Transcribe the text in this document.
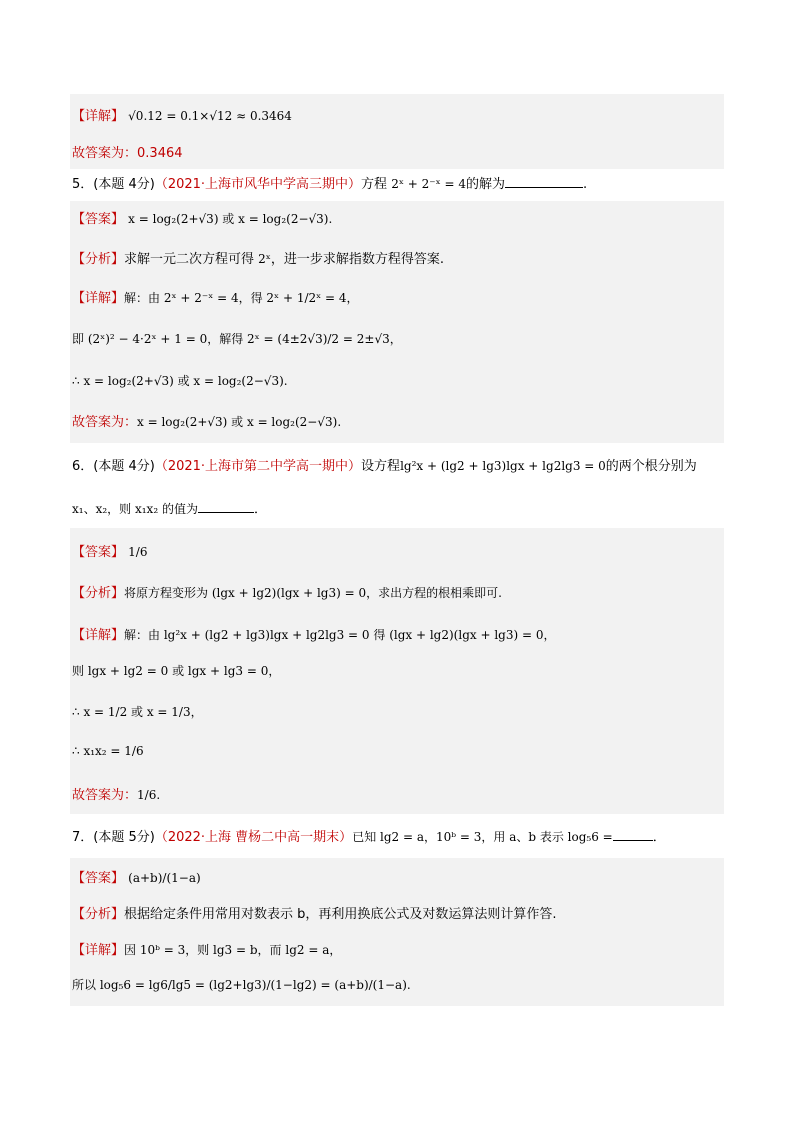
【详解】 √0.12 = 0.1×√12 ≈ 0.3464
故答案为：0.3464
5．(本题 4分)（2021·上海市风华中学高三期中）方程 2ˣ + 2⁻ˣ = 4的解为	.
【答案】 x = log₂(2+√3) 或 x = log₂(2−√3).
【分析】求解一元二次方程可得 2ˣ，进一步求解指数方程得答案.
【详解】解：由 2ˣ + 2⁻ˣ = 4，得 2ˣ + 1/2ˣ = 4，
即 (2ˣ)² − 4·2ˣ + 1 = 0，解得 2ˣ = (4±2√3)/2 = 2±√3，
∴ x = log₂(2+√3) 或 x = log₂(2−√3).
故答案为：x = log₂(2+√3) 或 x = log₂(2−√3).
6．(本题 4分)（2021·上海市第二中学高一期中）设方程lg²x + (lg2 + lg3)lgx + lg2lg3 = 0的两个根分别为
x₁、x₂，则 x₁x₂ 的值为	．
【答案】 1/6
【分析】将原方程变形为 (lgx + lg2)(lgx + lg3) = 0，求出方程的根相乘即可.
【详解】解：由 lg²x + (lg2 + lg3)lgx + lg2lg3 = 0 得 (lgx + lg2)(lgx + lg3) = 0，
则 lgx + lg2 = 0 或 lgx + lg3 = 0，
∴ x = 1/2 或 x = 1/3，
∴ x₁x₂ = 1/6
故答案为：1/6.
7．(本题 5分)（2022·上海 曹杨二中高一期末）已知 lg2 = a，10ᵇ = 3，用 a、b 表示 log₅6 =	．
【答案】 (a+b)/(1−a)
【分析】根据给定条件用常用对数表示 b，再利用换底公式及对数运算法则计算作答.
【详解】因 10ᵇ = 3，则 lg3 = b，而 lg2 = a，
所以 log₅6 = lg6/lg5 = (lg2+lg3)/(1−lg2) = (a+b)/(1−a).
